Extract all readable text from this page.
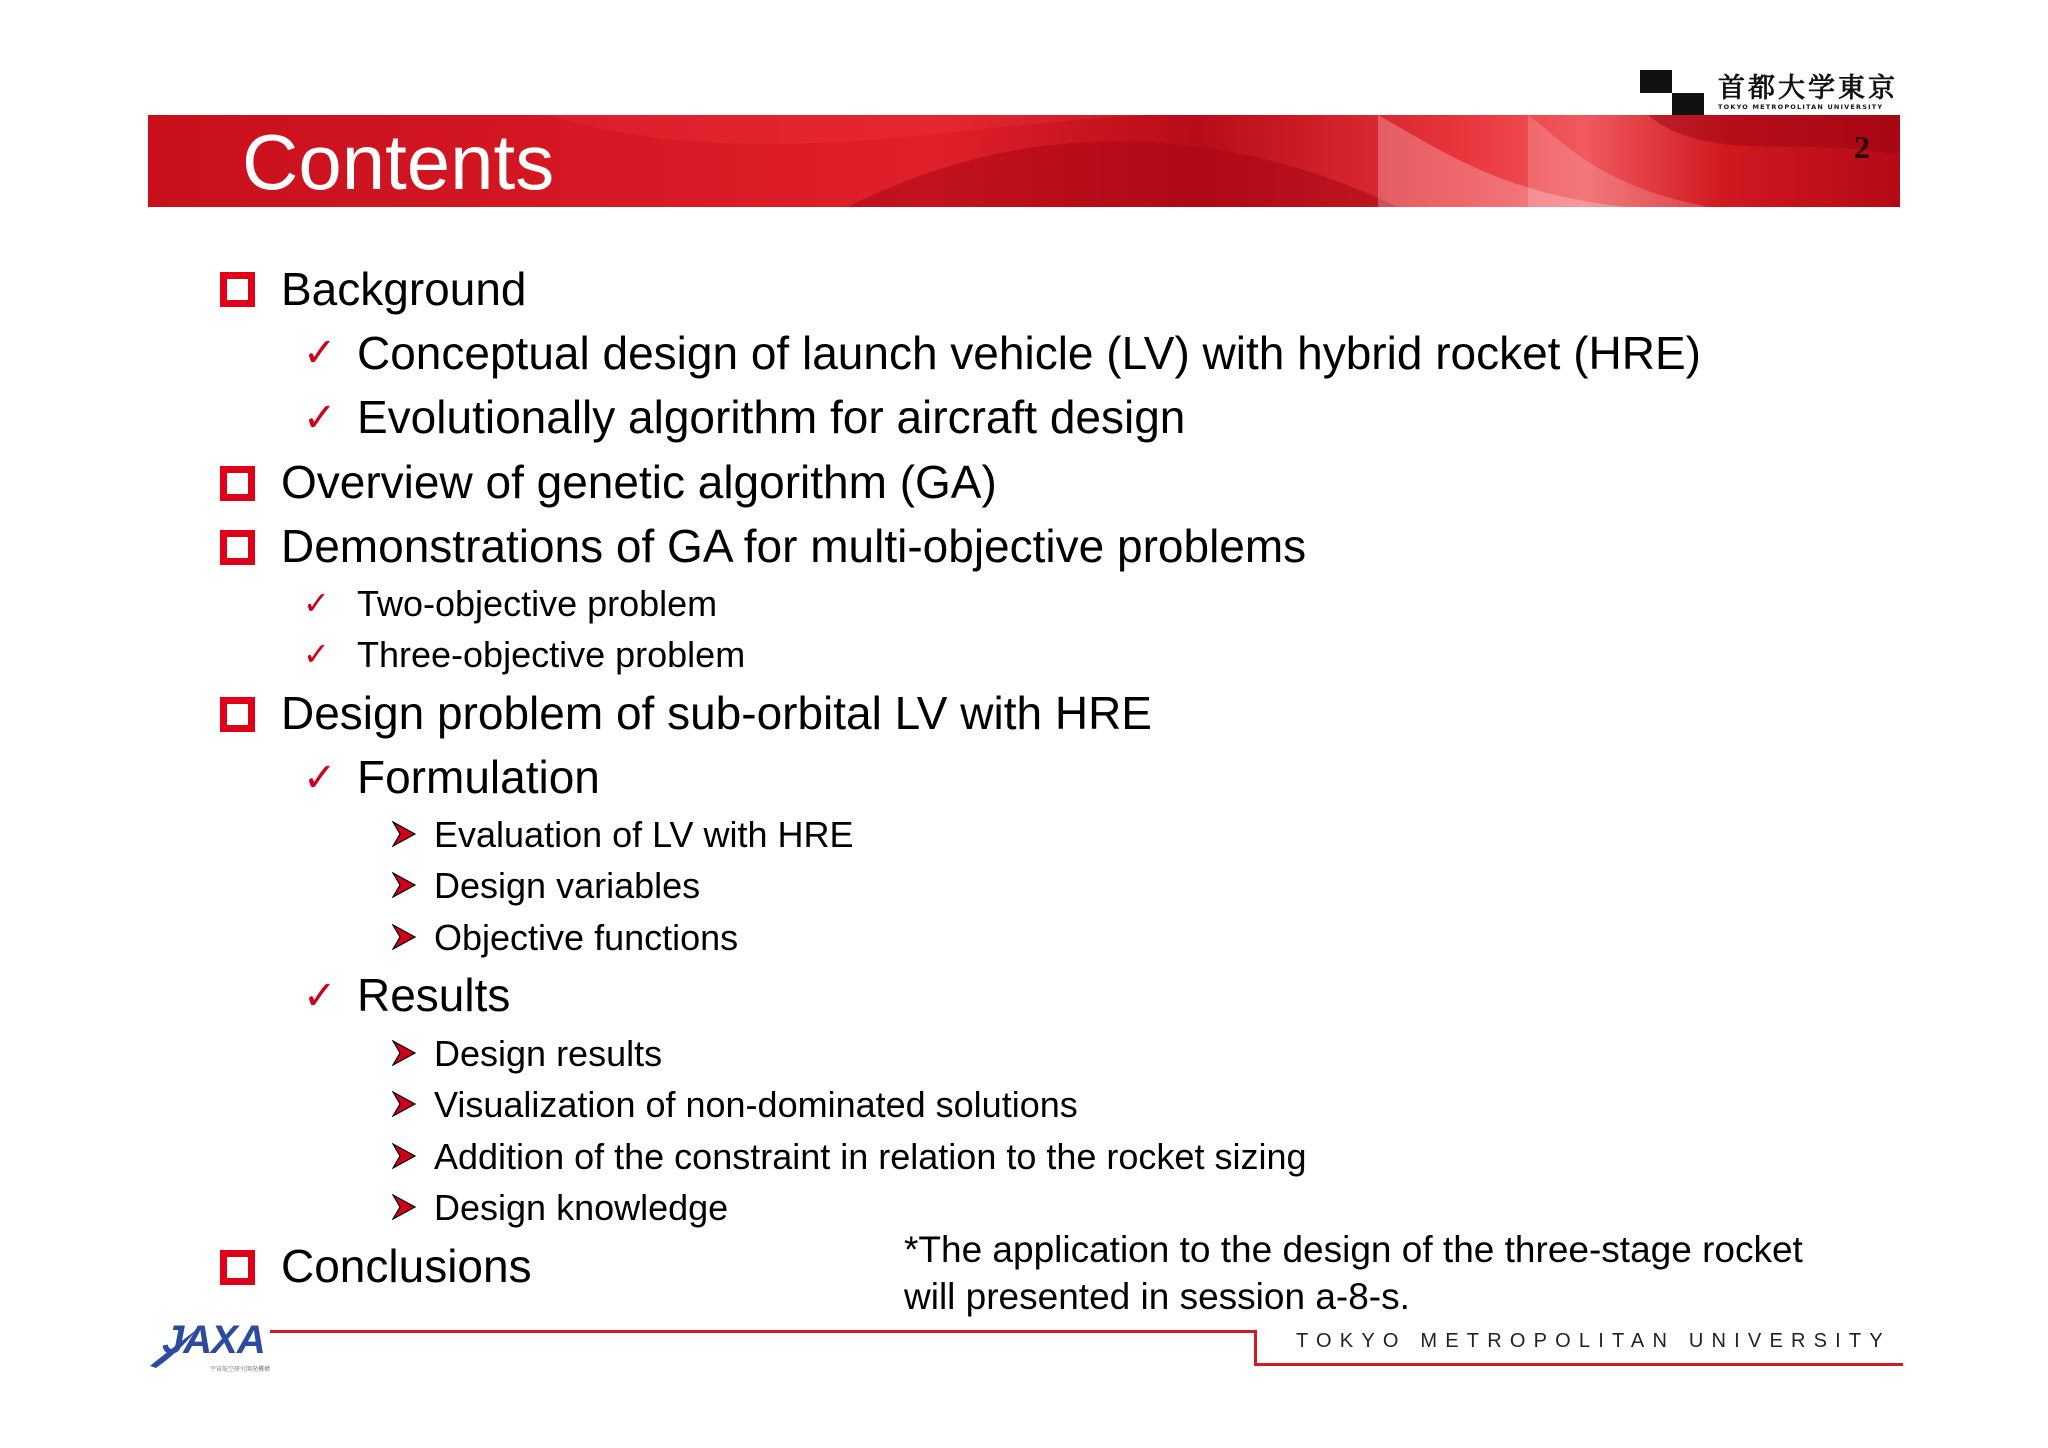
首都大学東京
TOKYO METROPOLITAN UNIVERSITY
Contents	2
Background
✓ Conceptual design of launch vehicle (LV) with hybrid rocket (HRE)
✓ Evolutionally algorithm for aircraft design
Overview of genetic algorithm (GA)
Demonstrations of GA for multi-objective problems
✓ Two-objective problem
✓ Three-objective problem
Design problem of sub-orbital LV with HRE
✓ Formulation
Evaluation of LV with HRE
Design variables
Objective functions
✓ Results
Design results
Visualization of non-dominated solutions
Addition of the constraint in relation to the rocket sizing
Design knowledge
Conclusions	*The application to the design of the three-stage rocket
will presented in session a-8-s.
JAXA
宇宙航空研究開発機構
TOKYO METROPOLITAN UNIVERSITY
